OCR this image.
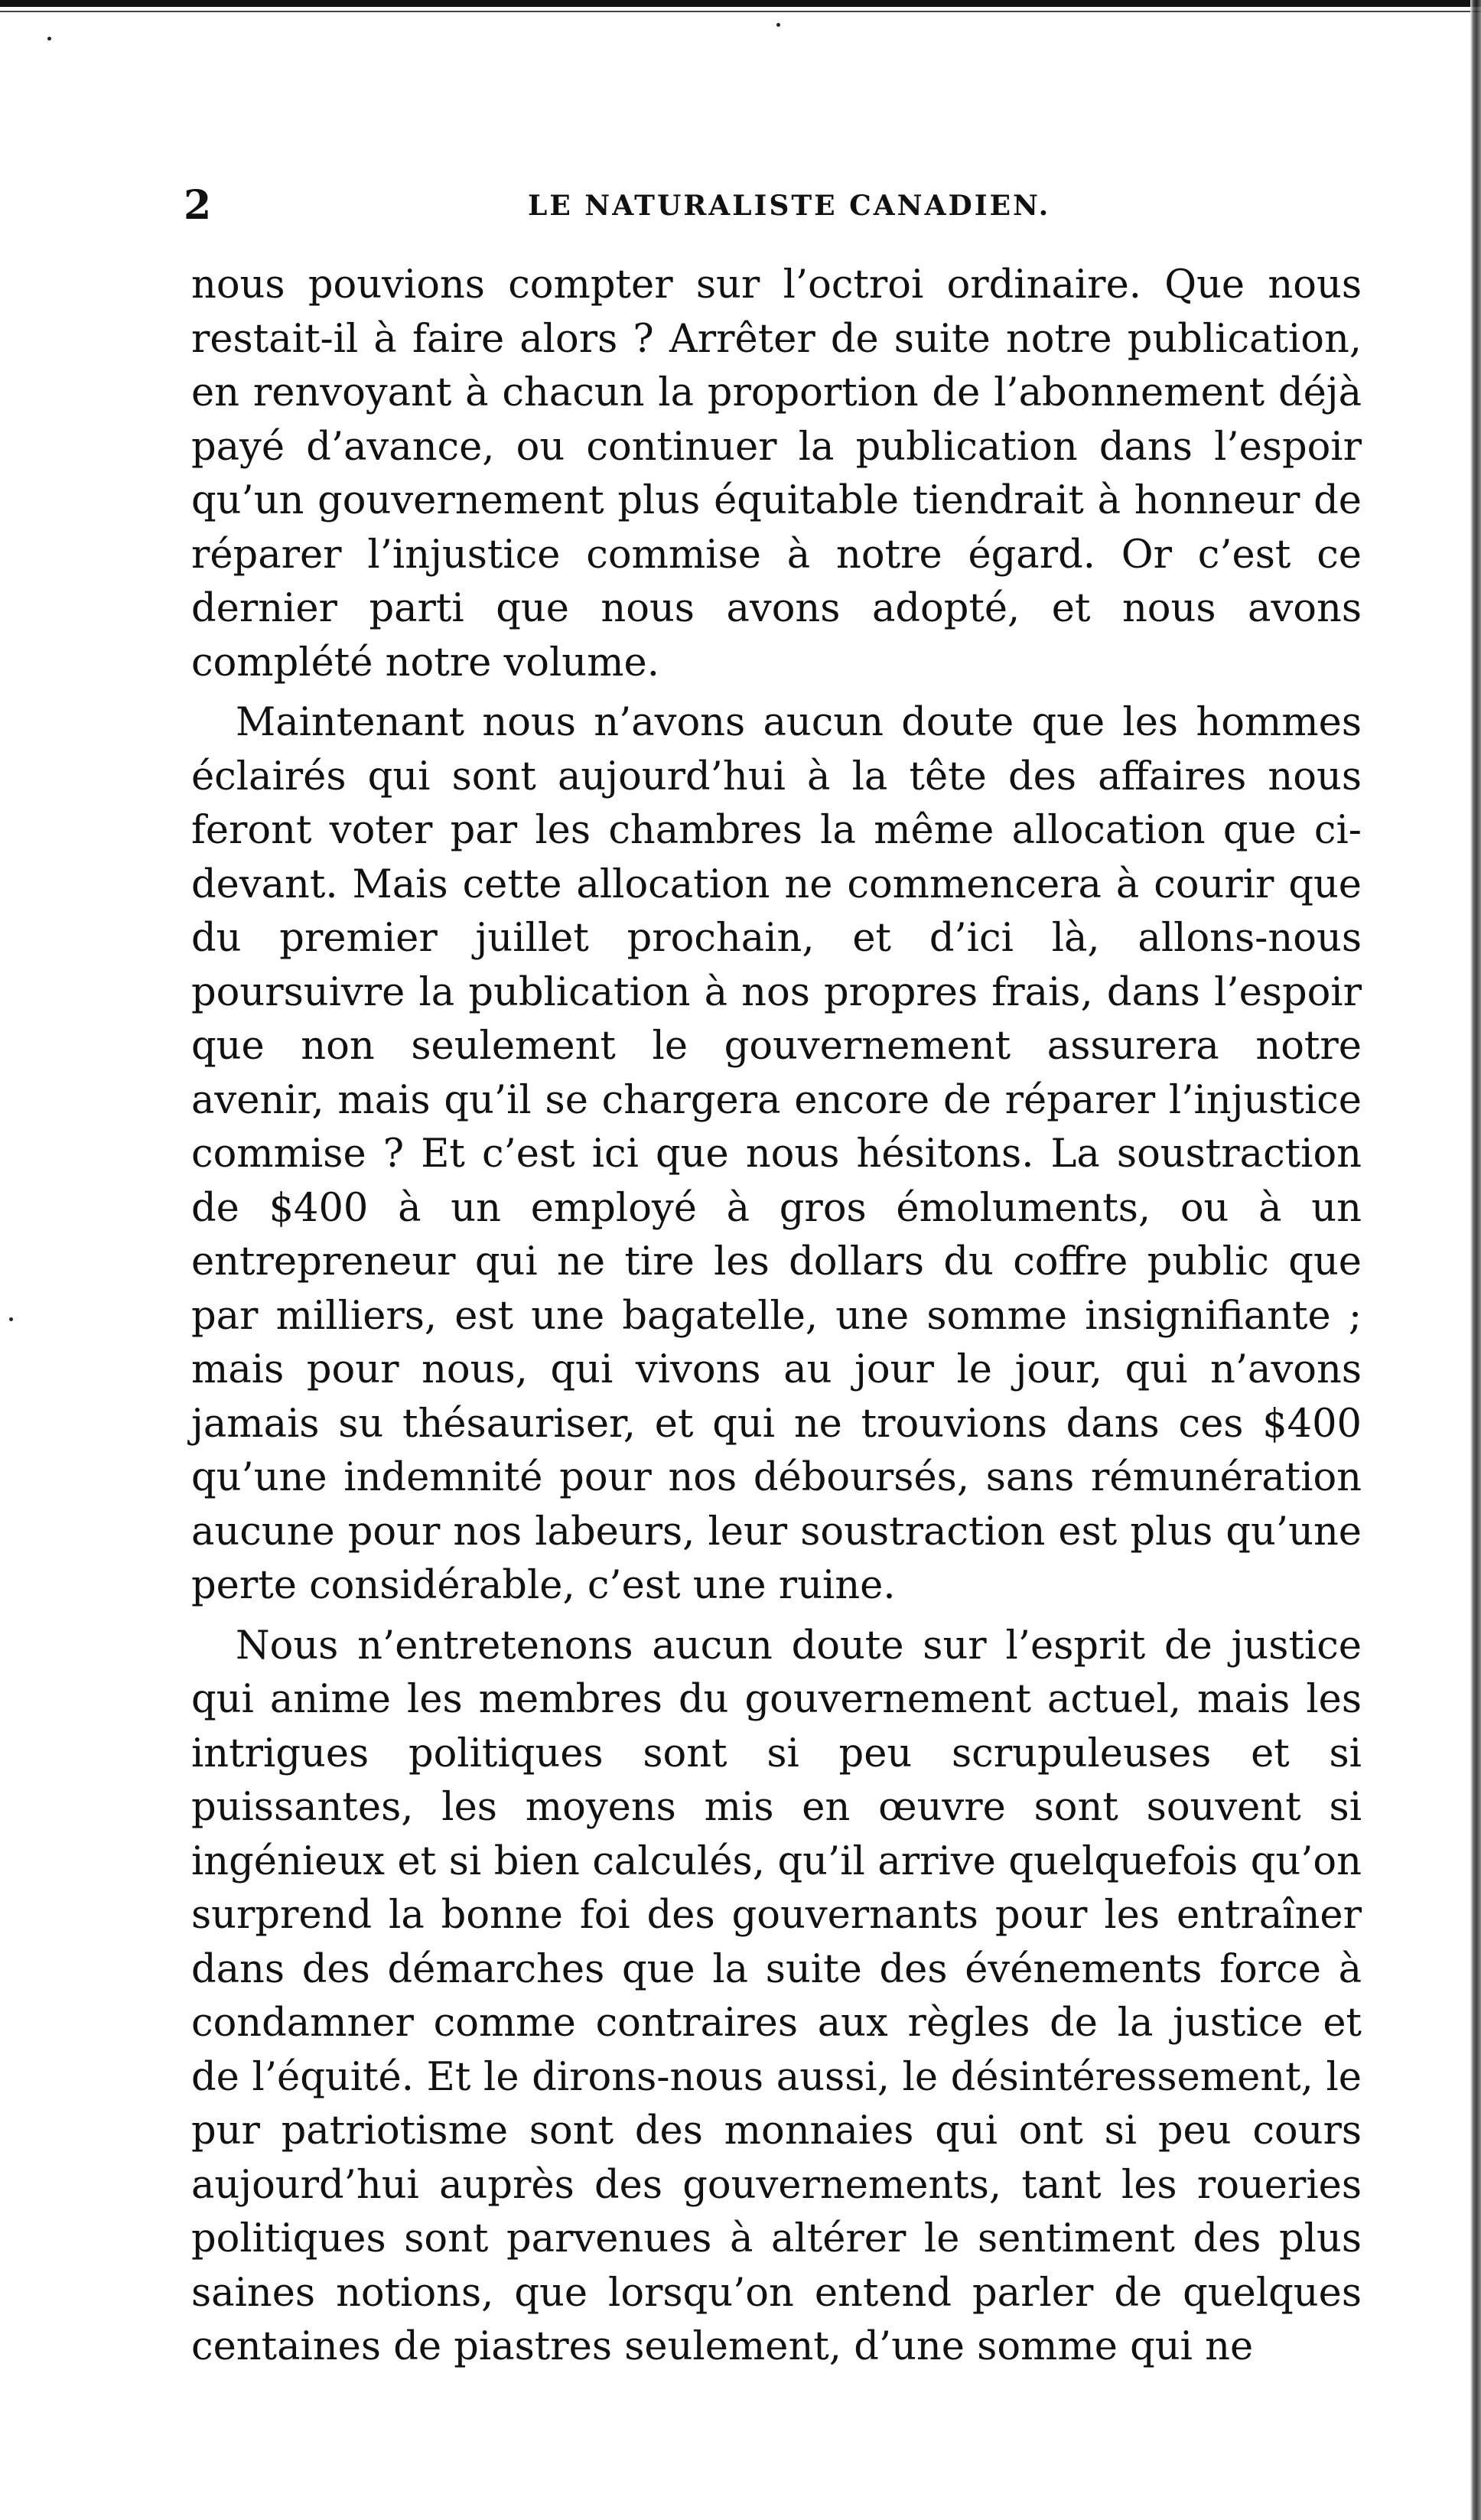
2	LE NATURALISTE CANADIEN.

nous pouvions compter sur l’octroi ordinaire. Que nous restait-il à faire alors ? Arrêter de suite notre publication, en renvoyant à chacun la proportion de l’abonnement déjà payé d’avance, ou continuer la publication dans l’espoir qu’un gouvernement plus équitable tiendrait à honneur de réparer l’injustice commise à notre égard. Or c’est ce dernier parti que nous avons adopté, et nous avons complété notre volume.

Maintenant nous n’avons aucun doute que les hommes éclairés qui sont aujourd’hui à la tête des affaires nous feront voter par les chambres la même allocation que ci-devant. Mais cette allocation ne commencera à courir que du premier juillet prochain, et d’ici là, allons-nous poursuivre la publication à nos propres frais, dans l’espoir que non seulement le gouvernement assurera notre avenir, mais qu’il se chargera encore de réparer l’injustice commise ? Et c’est ici que nous hésitons. La soustraction de $400 à un employé à gros émoluments, ou à un entrepreneur qui ne tire les dollars du coffre public que par milliers, est une bagatelle, une somme insignifiante ; mais pour nous, qui vivons au jour le jour, qui n’avons jamais su thésauriser, et qui ne trouvions dans ces $400 qu’une indemnité pour nos déboursés, sans rémunération aucune pour nos labeurs, leur soustraction est plus qu’une perte considérable, c’est une ruine.

Nous n’entretenons aucun doute sur l’esprit de justice qui anime les membres du gouvernement actuel, mais les intrigues politiques sont si peu scrupuleuses et si puissantes, les moyens mis en œuvre sont souvent si ingénieux et si bien calculés, qu’il arrive quelquefois qu’on surprend la bonne foi des gouvernants pour les entraîner dans des démarches que la suite des événements force à condamner comme contraires aux règles de la justice et de l’équité. Et le dirons-nous aussi, le désintéressement, le pur patriotisme sont des monnaies qui ont si peu cours aujourd’hui auprès des gouvernements, tant les roueries politiques sont parvenues à altérer le sentiment des plus saines notions, que lorsqu’on entend parler de quelques centaines de piastres seulement, d’une somme qui ne
